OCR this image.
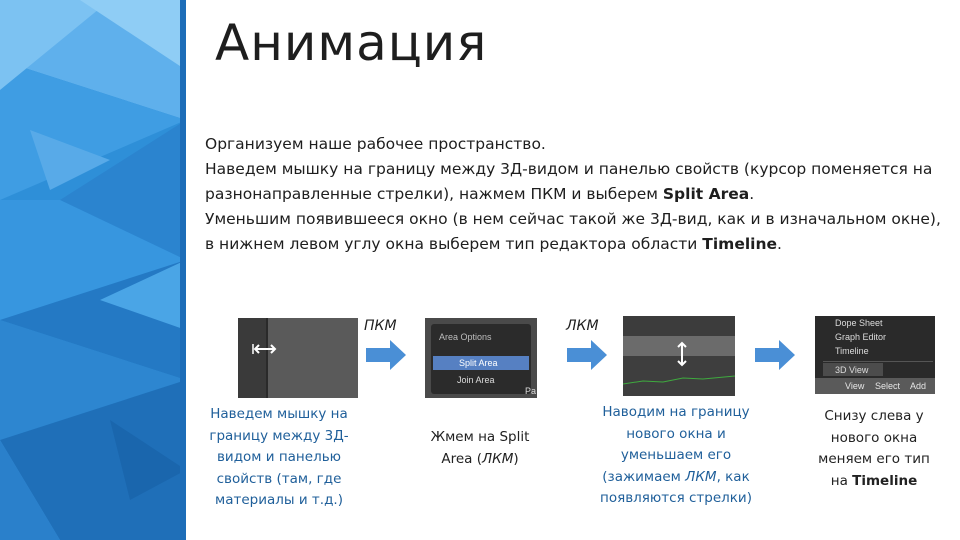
Анимация

Организуем наше рабочее пространство.

Наведем мышку на границу между 3Д-видом и панелью свойств (курсор поменяется на разнонаправленные стрелки), нажмем ПКМ и выберем Split Area.

Уменьшим появившееся окно (в нем сейчас такой же 3Д-вид, как и в изначальном окне), в нижнем левом углу окна выберем тип редактора области Timeline.

ПКМ
Area Options
Split Area
Join Area
Pa
ЛКМ	Dope Sheet
Graph Editor
Timeline
3D View
View Select Add
Наведем мышку на границу между 3Д-видом и панелью свойств (там, где материалы и т.д.)
Жмем на Split Area (ЛКМ)
Наводим на границу нового окна и уменьшаем его (зажимаем ЛКМ, как появляются стрелки)
Снизу слева у нового окна меняем его тип на Timeline
